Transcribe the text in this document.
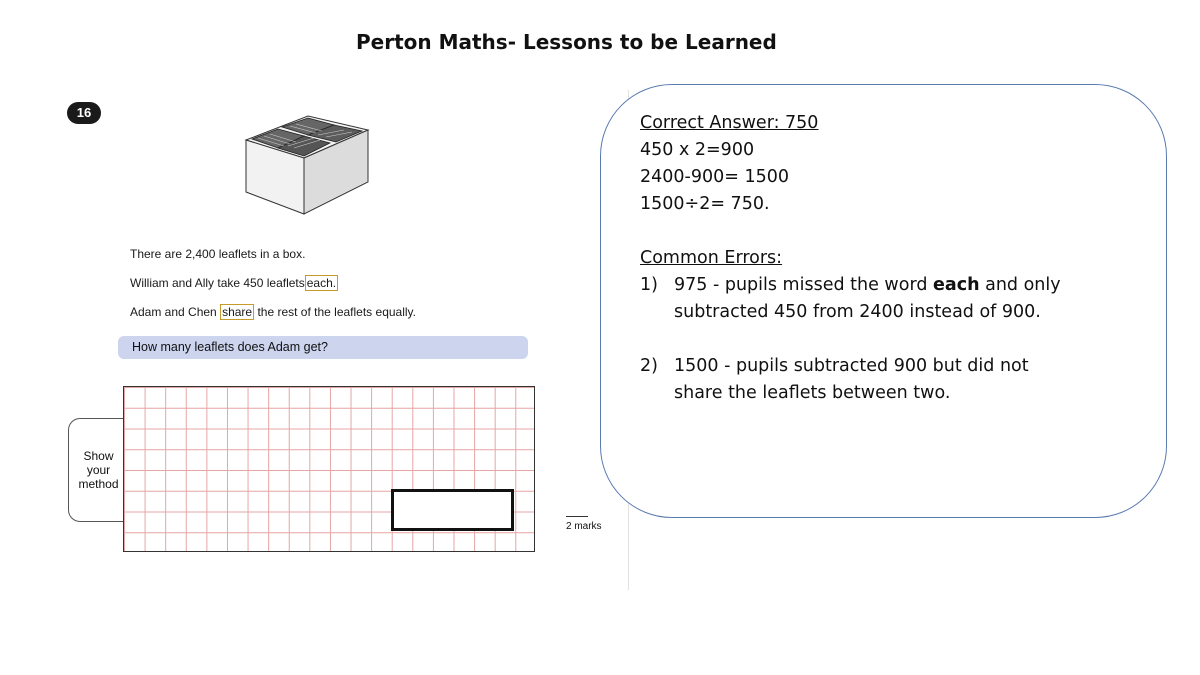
Perton Maths- Lessons to be Learned
16
There are 2,400 leaflets in a box.
William and Ally take 450 leaflets each.
Adam and Chen share the rest of the leaflets equally.
How many leaflets does Adam get?
Show your method
2 marks
Correct Answer: 750
450 x 2=900
2400-900= 1500
1500÷2= 750.
Common Errors:
1) 975 - pupils missed the word each and only
subtracted 450 from 2400 instead of 900.
2) 1500 - pupils subtracted 900 but did not
share the leaflets between two.
